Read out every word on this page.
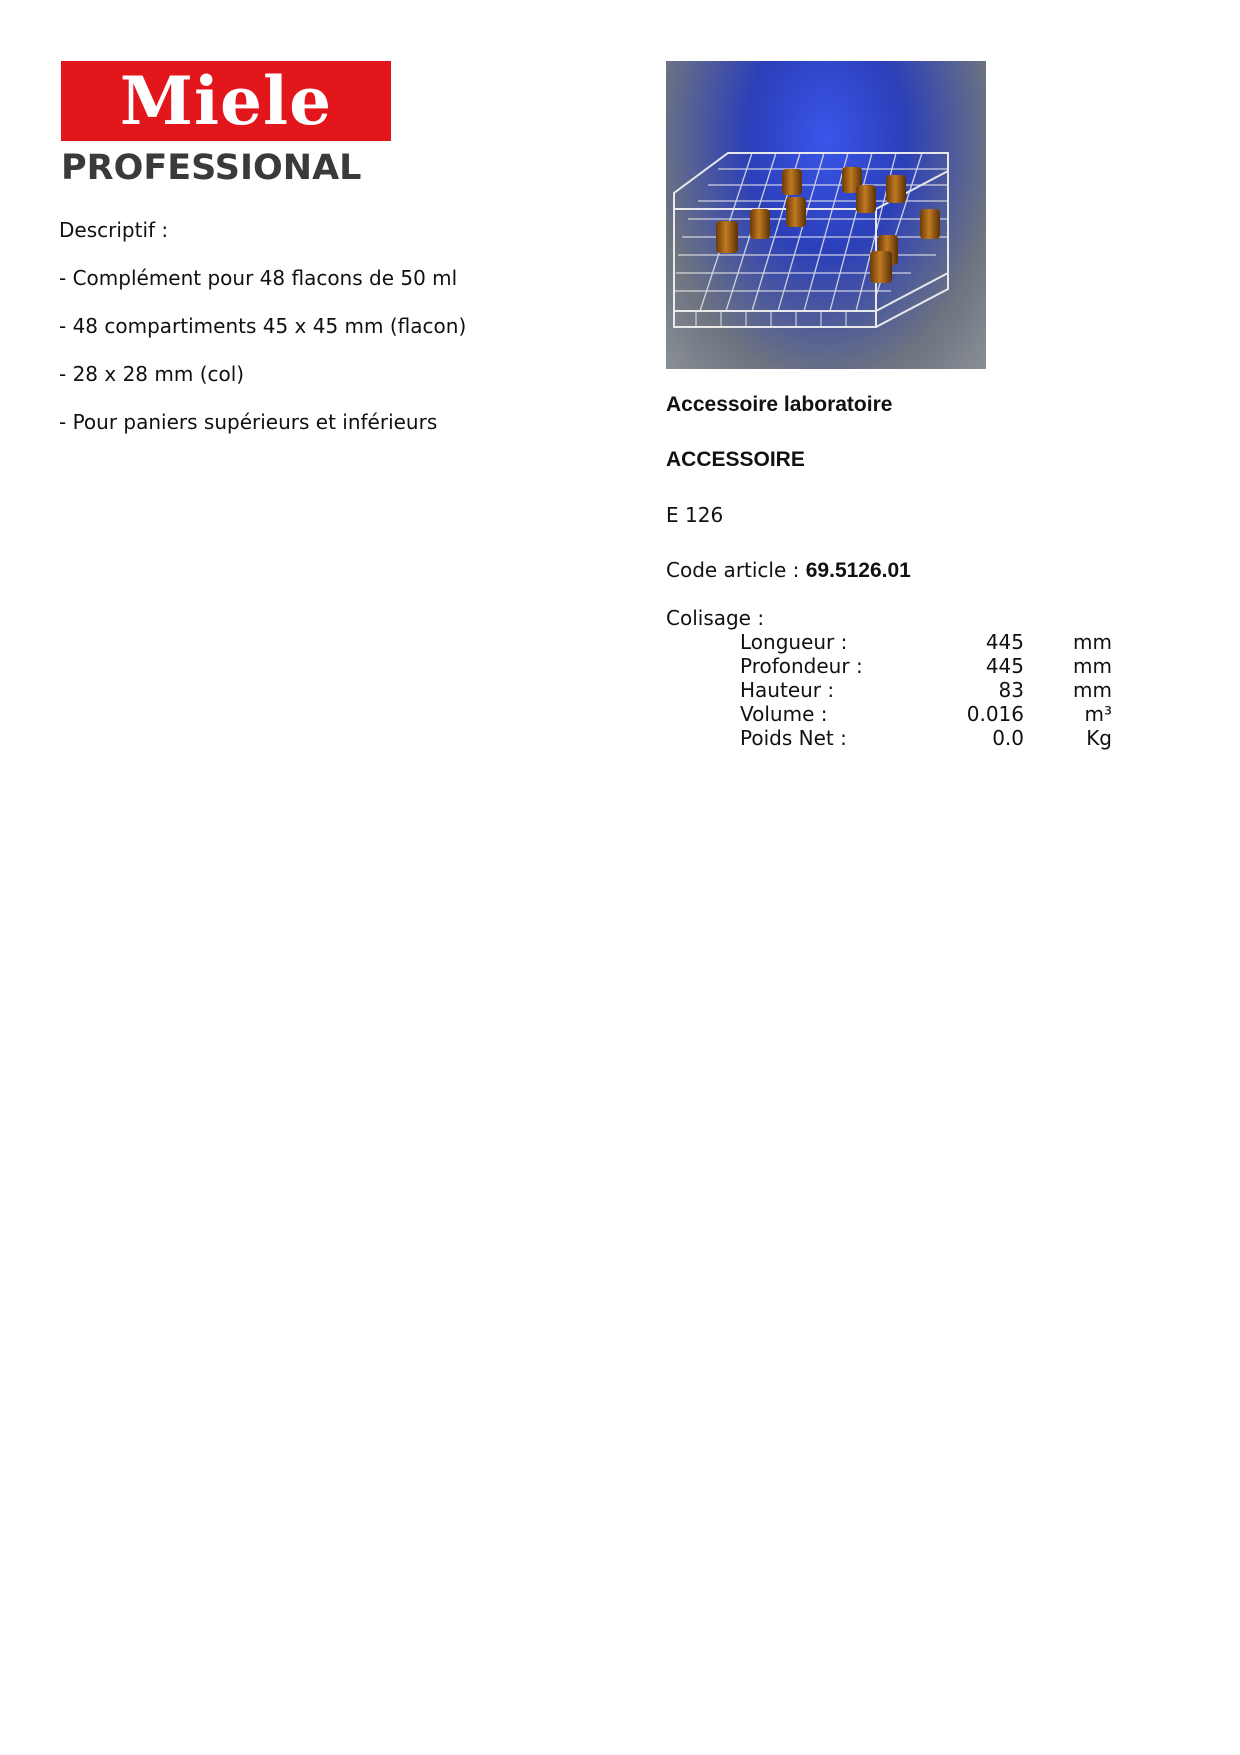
Miele
PROFESSIONAL
Descriptif :
- Complément pour 48 flacons de 50 ml
- 48 compartiments 45 x 45 mm (flacon)
- 28 x 28 mm (col)
- Pour paniers supérieurs et inférieurs
Accessoire laboratoire
ACCESSOIRE
E 126
Code article : 69.5126.01
Colisage :
Longueur :	445 mm
Profondeur :	445 mm
Hauteur :	83 mm
Volume :	0.016	m³
Poids Net :	0.0	Kg
